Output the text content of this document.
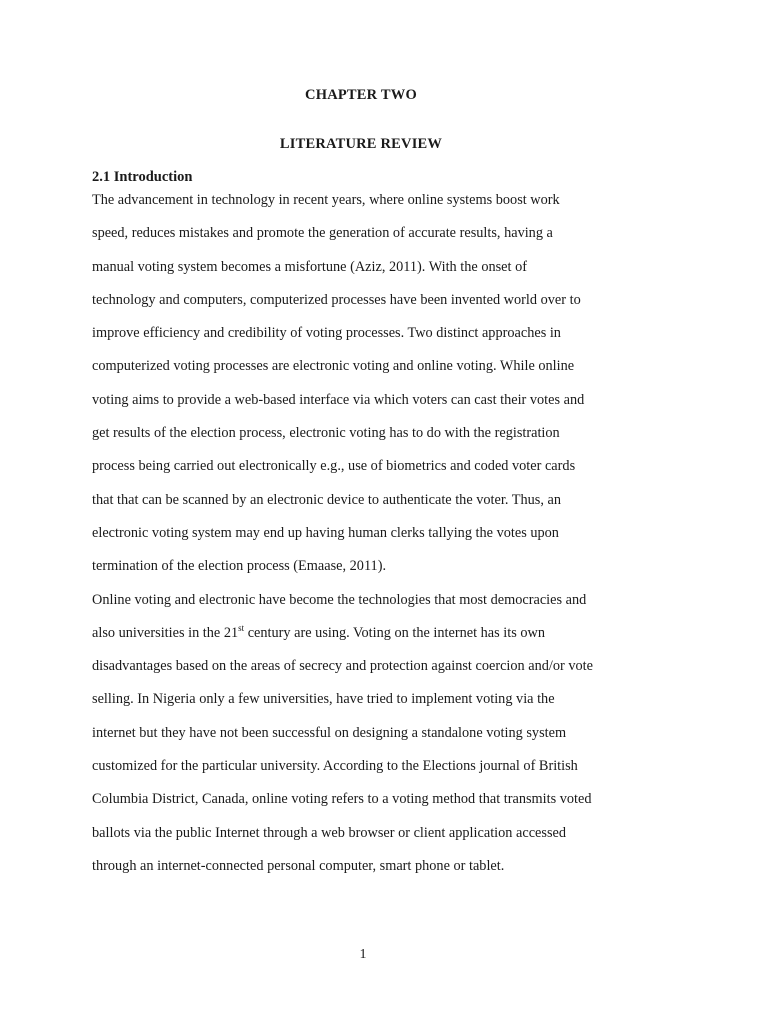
CHAPTER TWO
LITERATURE REVIEW
2.1 Introduction
The advancement in technology in recent years, where online systems boost work
speed, reduces mistakes and promote the generation of accurate results, having a
manual voting system becomes a misfortune (Aziz, 2011). With the onset of
technology and computers, computerized processes have been invented world over to
improve efficiency and credibility of voting processes. Two distinct approaches in
computerized voting processes are electronic voting and online voting. While online
voting aims to provide a web-based interface via which voters can cast their votes and
get results of the election process, electronic voting has to do with the registration
process being carried out electronically e.g., use of biometrics and coded voter cards
that that can be scanned by an electronic device to authenticate the voter. Thus, an
electronic voting system may end up having human clerks tallying the votes upon
termination of the election process (Emaase, 2011).
Online voting and electronic have become the technologies that most democracies and
also universities in the 21st century are using. Voting on the internet has its own
disadvantages based on the areas of secrecy and protection against coercion and/or vote
selling. In Nigeria only a few universities, have tried to implement voting via the
internet but they have not been successful on designing a standalone voting system
customized for the particular university. According to the Elections journal of British
Columbia District, Canada, online voting refers to a voting method that transmits voted
ballots via the public Internet through a web browser or client application accessed
through an internet-connected personal computer, smart phone or tablet.
1
